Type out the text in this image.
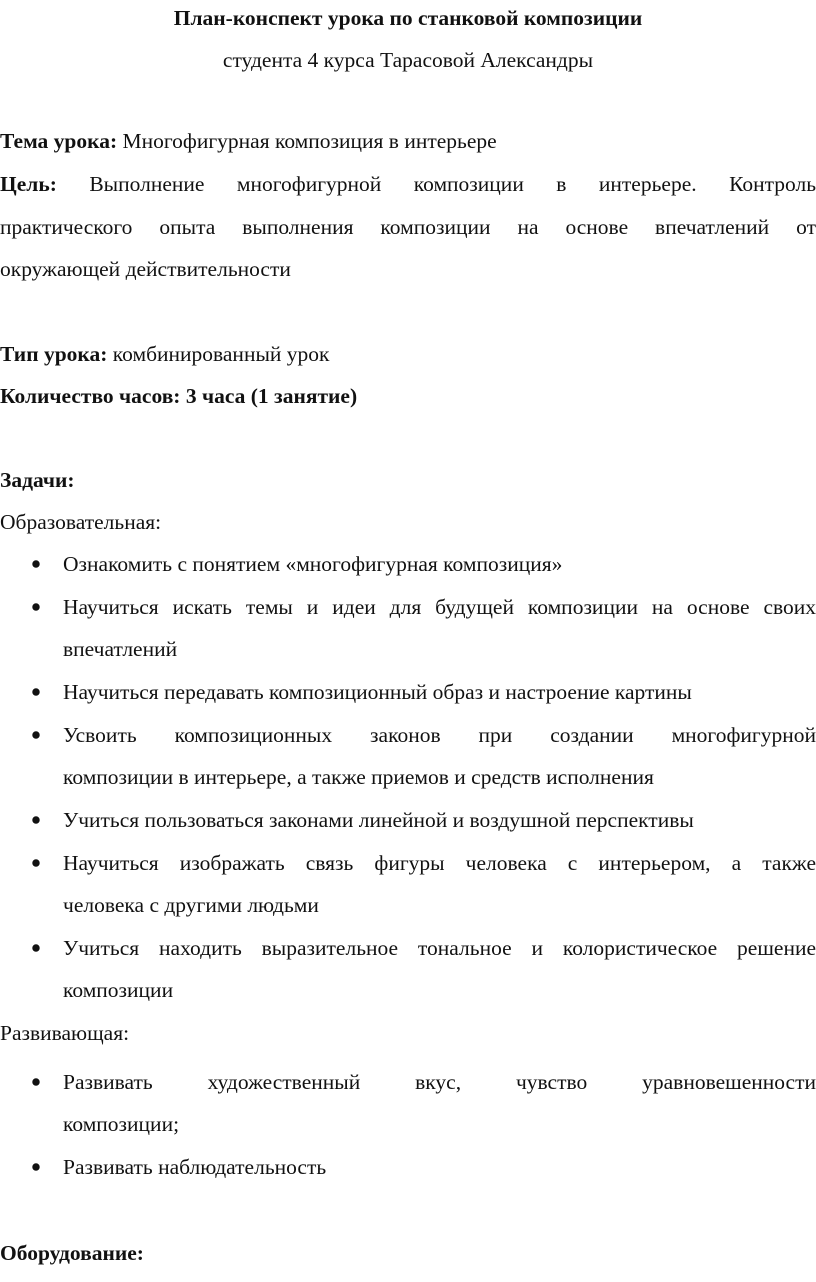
План-конспект урока по станковой композиции
студента 4 курса Тарасовой Александры
Тема урока: Многофигурная композиция в интерьере
Цель: Выполнение многофигурной композиции в интерьере. Контроль
практического опыта выполнения композиции на основе впечатлений от
окружающей действительности
Тип урока: комбинированный урок
Количество часов: 3 часа (1 занятие)
Задачи:
Образовательная:
Ознакомить с понятием «многофигурная композиция»
Научиться искать темы и идеи для будущей композиции на основе своих
впечатлений
Научиться передавать композиционный образ и настроение картины
Усвоить композиционных законов при создании многофигурной
композиции в интерьере, а также приемов и средств исполнения
Учиться пользоваться законами линейной и воздушной перспективы
Научиться изображать связь фигуры человека с интерьером, а также
человека с другими людьми
Учиться находить выразительное тональное и колористическое решение
композиции
Развивающая:
Развивать художественный вкус, чувство уравновешенности
композиции;
Развивать наблюдательность
Оборудование:
